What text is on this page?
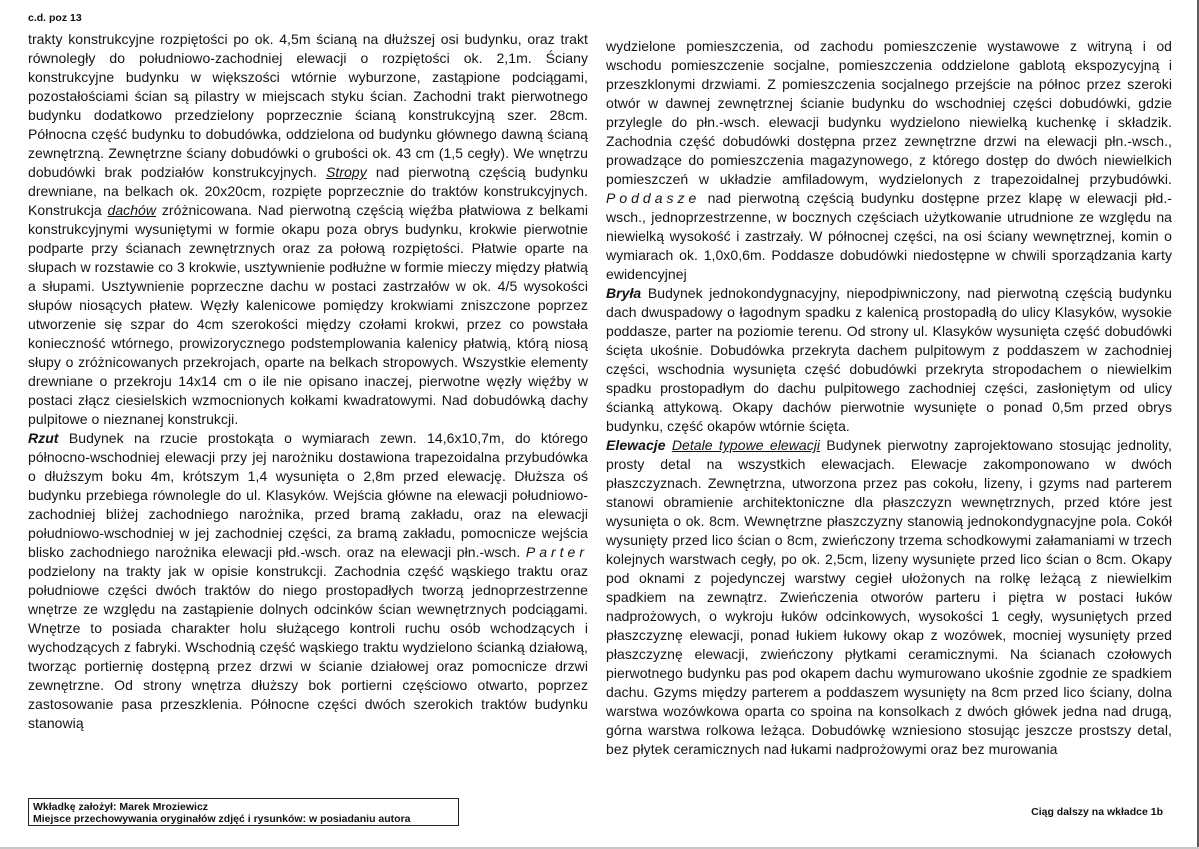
c.d. poz 13

trakty konstrukcyjne rozpiętości po ok. 4,5m ścianą na dłuższej osi budynku, oraz trakt równoległy do południowo-zachodniej elewacji o rozpiętości ok. 2,1m. Ściany konstrukcyjne budynku w większości wtórnie wyburzone, zastąpione podciągami, pozostałościami ścian są pilastry w miejscach styku ścian. Zachodni trakt pierwotnego budynku dodatkowo przedzielony poprzecznie ścianą konstrukcyjną szer. 28cm. Północna część budynku to dobudówka, oddzielona od budynku głównego dawną ścianą zewnętrzną. Zewnętrzne ściany dobudówki o grubości ok. 43 cm (1,5 cegły). We wnętrzu dobudówki brak podziałów konstrukcyjnych. Stropy nad pierwotną częścią budynku drewniane, na belkach ok. 20x20cm, rozpięte poprzecznie do traktów konstrukcyjnych. Konstrukcja dachów zróżnicowana. Nad pierwotną częścią więźba płatwiowa z belkami konstrukcyjnymi wysuniętymi w formie okapu poza obrys budynku, krokwie pierwotnie podparte przy ścianach zewnętrznych oraz za połową rozpiętości. Płatwie oparte na słupach w rozstawie co 3 krokwie, usztywnienie podłużne w formie mieczy między płatwią a słupami. Usztywnienie poprzeczne dachu w postaci zastrzałów w ok. 4/5 wysokości słupów niosących płatew. Węzły kalenicowe pomiędzy krokwiami zniszczone poprzez utworzenie się szpar do 4cm szerokości między czołami krokwi, przez co powstała konieczność wtórnego, prowizorycznego podstemplowania kalenicy płatwią, którą niosą słupy o zróżnicowanych przekrojach, oparte na belkach stropowych. Wszystkie elementy drewniane o przekroju 14x14 cm o ile nie opisano inaczej, pierwotne węzły więźby w postaci złącz ciesielskich wzmocnionych kołkami kwadratowymi. Nad dobudówką dachy pulpitowe o nieznanej konstrukcji.

Rzut Budynek na rzucie prostokąta o wymiarach zewn. 14,6x10,7m, do którego północno-wschodniej elewacji przy jej narożniku dostawiona trapezoidalna przybudówka o dłuższym boku 4m, krótszym 1,4 wysunięta o 2,8m przed elewację. Dłuższa oś budynku przebiega równolegle do ul. Klasyków. Wejścia główne na elewacji południowo-zachodniej bliżej zachodniego narożnika, przed bramą zakładu, oraz na elewacji południowo-wschodniej w jej zachodniej części, za bramą zakładu, pomocnicze wejścia blisko zachodniego narożnika elewacji płd.-wsch. oraz na elewacji płn.-wsch. Parter podzielony na trakty jak w opisie konstrukcji. Zachodnia część wąskiego traktu oraz południowe części dwóch traktów do niego prostopadłych tworzą jednoprzestrzenne wnętrze ze względu na zastąpienie dolnych odcinków ścian wewnętrznych podciągami. Wnętrze to posiada charakter holu służącego kontroli ruchu osób wchodzących i wychodzących z fabryki. Wschodnią część wąskiego traktu wydzielono ścianką działową, tworząc portiernię dostępną przez drzwi w ścianie działowej oraz pomocnicze drzwi zewnętrzne. Od strony wnętrza dłuższy bok portierni częściowo otwarto, poprzez zastosowanie pasa przeszklenia. Północne części dwóch szerokich traktów budynku stanowią

wydzielone pomieszczenia, od zachodu pomieszczenie wystawowe z witryną i od wschodu pomieszczenie socjalne, pomieszczenia oddzielone gablotą ekspozycyjną i przeszklonymi drzwiami. Z pomieszczenia socjalnego przejście na północ przez szeroki otwór w dawnej zewnętrznej ścianie budynku do wschodniej części dobudówki, gdzie przylegle do płn.-wsch. elewacji budynku wydzielono niewielką kuchenkę i składzik. Zachodnia część dobudówki dostępna przez zewnętrzne drzwi na elewacji płn.-wsch., prowadzące do pomieszczenia magazynowego, z którego dostęp do dwóch niewielkich pomieszczeń w układzie amfiladowym, wydzielonych z trapezoidalnej przybudówki. Poddasze nad pierwotną częścią budynku dostępne przez klapę w elewacji płd.-wsch., jednoprzestrzenne, w bocznych częściach użytkowanie utrudnione ze względu na niewielką wysokość i zastrzały. W północnej części, na osi ściany wewnętrznej, komin o wymiarach ok. 1,0x0,6m. Poddasze dobudówki niedostępne w chwili sporządzania karty ewidencyjnej

Bryła Budynek jednokondygnacyjny, niepodpiwniczony, nad pierwotną częścią budynku dach dwuspadowy o łagodnym spadku z kalenicą prostopadłą do ulicy Klasyków, wysokie poddasze, parter na poziomie terenu. Od strony ul. Klasyków wysunięta część dobudówki ścięta ukośnie. Dobudówka przekryta dachem pulpitowym z poddaszem w zachodniej części, wschodnia wysunięta część dobudówki przekryta stropodachem o niewielkim spadku prostopadłym do dachu pulpitowego zachodniej części, zasłoniętym od ulicy ścianką attykową. Okapy dachów pierwotnie wysunięte o ponad 0,5m przed obrys budynku, część okapów wtórnie ścięta.

Elewacje Detale typowe elewacji Budynek pierwotny zaprojektowano stosując jednolity, prosty detal na wszystkich elewacjach. Elewacje zakomponowano w dwóch płaszczyznach. Zewnętrzna, utworzona przez pas cokołu, lizeny, i gzyms nad parterem stanowi obramienie architektoniczne dla płaszczyzn wewnętrznych, przed które jest wysunięta o ok. 8cm. Wewnętrzne płaszczyzny stanowią jednokondygnacyjne pola. Cokół wysunięty przed lico ścian o 8cm, zwieńczony trzema schodkowymi załamaniami w trzech kolejnych warstwach cegły, po ok. 2,5cm, lizeny wysunięte przed lico ścian o 8cm. Okapy pod oknami z pojedynczej warstwy cegieł ułożonych na rolkę leżącą z niewielkim spadkiem na zewnątrz. Zwieńczenia otworów parteru i piętra w postaci łuków nadprożowych, o wykroju łuków odcinkowych, wysokości 1 cegły, wysuniętych przed płaszczyznę elewacji, ponad łukiem łukowy okap z wozówek, mocniej wysunięty przed płaszczyznę elewacji, zwieńczony płytkami ceramicznymi. Na ścianach czołowych pierwotnego budynku pas pod okapem dachu wymurowano ukośnie zgodnie ze spadkiem dachu. Gzyms między parterem a poddaszem wysunięty na 8cm przed lico ściany, dolna warstwa wozówkowa oparta co spoina na konsolkach z dwóch główek jedna nad drugą, górna warstwa rolkowa leżąca. Dobudówkę wzniesiono stosując jeszcze prostszy detal, bez płytek ceramicznych nad łukami nadprożowymi oraz bez murowania

Wkładkę założył: Marek Mroziewicz
Miejsce przechowywania oryginałów zdjęć i rysunków: w posiadaniu autora
Ciąg dalszy na wkładce 1b
